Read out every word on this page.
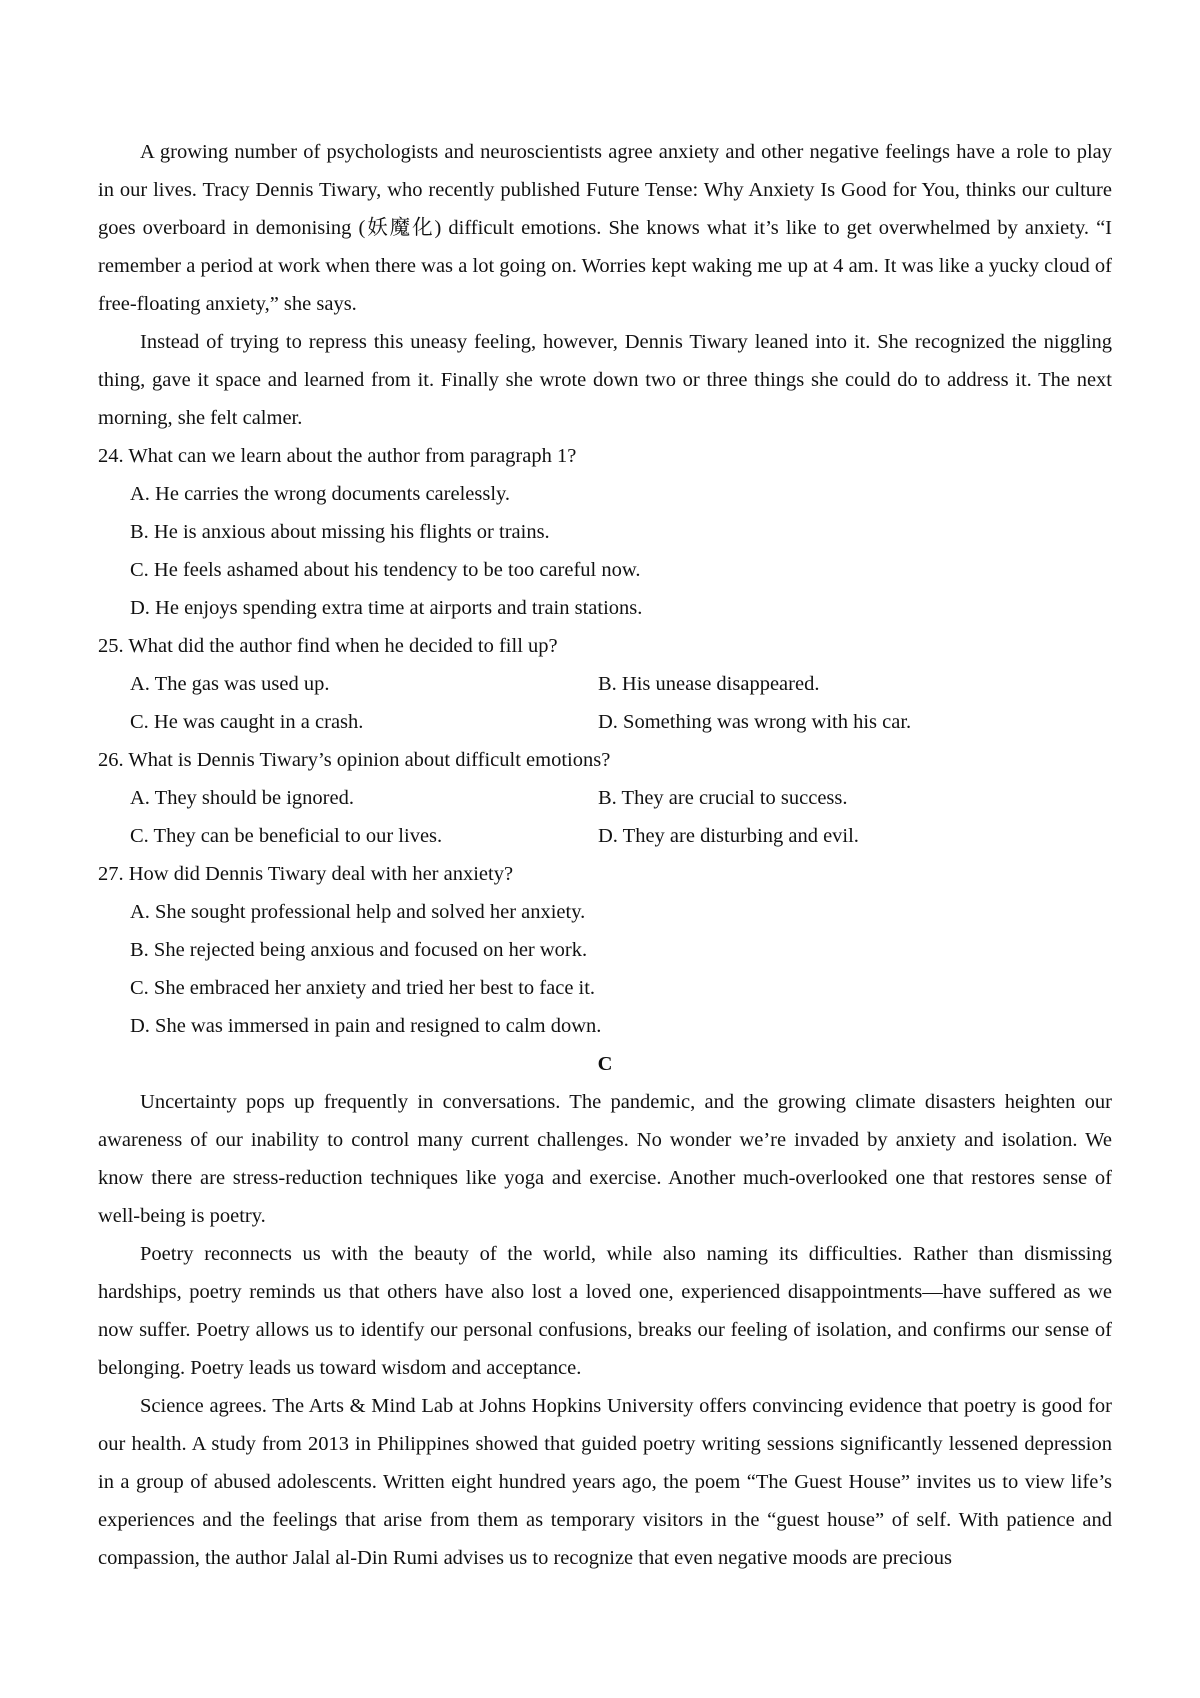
A growing number of psychologists and neuroscientists agree anxiety and other negative feelings have a role to play in our lives. Tracy Dennis Tiwary, who recently published Future Tense: Why Anxiety Is Good for You, thinks our culture goes overboard in demonising (妖魔化) difficult emotions. She knows what it’s like to get overwhelmed by anxiety. “I remember a period at work when there was a lot going on. Worries kept waking me up at 4 am. It was like a yucky cloud of free-floating anxiety,” she says.

Instead of trying to repress this uneasy feeling, however, Dennis Tiwary leaned into it. She recognized the niggling thing, gave it space and learned from it. Finally she wrote down two or three things she could do to address it. The next morning, she felt calmer.

24. What can we learn about the author from paragraph 1?

A. He carries the wrong documents carelessly.

B. He is anxious about missing his flights or trains.

C. He feels ashamed about his tendency to be too careful now.

D. He enjoys spending extra time at airports and train stations.

25. What did the author find when he decided to fill up?

A. The gas was used up.	B. His unease disappeared.

C. He was caught in a crash.	D. Something was wrong with his car.

26. What is Dennis Tiwary’s opinion about difficult emotions?

A. They should be ignored.	B. They are crucial to success.

C. They can be beneficial to our lives.	D. They are disturbing and evil.

27. How did Dennis Tiwary deal with her anxiety?

A. She sought professional help and solved her anxiety.

B. She rejected being anxious and focused on her work.

C. She embraced her anxiety and tried her best to face it.

D. She was immersed in pain and resigned to calm down.

C

Uncertainty pops up frequently in conversations. The pandemic, and the growing climate disasters heighten our awareness of our inability to control many current challenges. No wonder we’re invaded by anxiety and isolation. We know there are stress-reduction techniques like yoga and exercise. Another much-overlooked one that restores sense of well-being is poetry.

Poetry reconnects us with the beauty of the world, while also naming its difficulties. Rather than dismissing hardships, poetry reminds us that others have also lost a loved one, experienced disappointments—have suffered as we now suffer. Poetry allows us to identify our personal confusions, breaks our feeling of isolation, and confirms our sense of belonging. Poetry leads us toward wisdom and acceptance.

Science agrees. The Arts & Mind Lab at Johns Hopkins University offers convincing evidence that poetry is good for our health. A study from 2013 in Philippines showed that guided poetry writing sessions significantly lessened depression in a group of abused adolescents. Written eight hundred years ago, the poem “The Guest House” invites us to view life’s experiences and the feelings that arise from them as temporary visitors in the “guest house” of self. With patience and compassion, the author Jalal al-Din Rumi advises us to recognize that even negative moods are precious
